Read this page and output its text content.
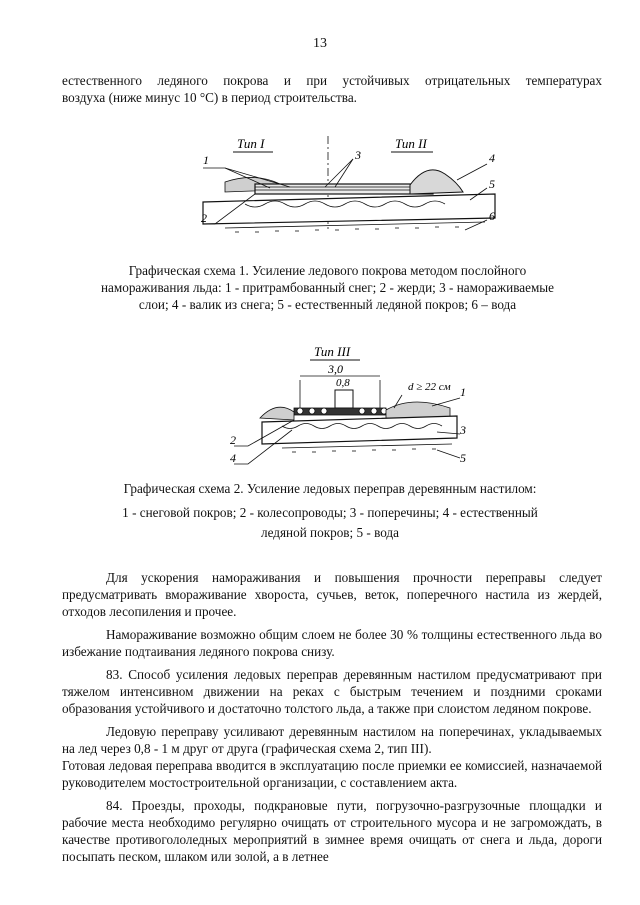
13
естественного ледяного покрова и при устойчивых отрицательных температурах
воздуха (ниже минус 10 °С) в период строительства.
Тип I	Тип II
1
2
3	4
5
6
Графическая схема 1. Усиление ледового покрова методом послойного
намораживания льда: 1 - притрамбованный снег; 2 - жерди; 3 - намораживаемые
слои; 4 - валик из снега; 5 - естественный ледяной покров; 6 – вода
Тип III
3,0
0,8	d ≥ 22 см 1
2
3
4	5
Графическая схема 2. Усиление ледовых переправ деревянным настилом:
1 - снеговой покров; 2 - колесопроводы; 3 - поперечины; 4 - естественный
ледяной покров; 5 - вода

Для ускорения намораживания и повышения прочности переправы следует предусматривать вмораживание хвороста, сучьев, веток, поперечного настила из жердей, отходов лесопиления и прочее.

Намораживание возможно общим слоем не более 30 % толщины естественного льда во избежание подтаивания ледяного покрова снизу.

83. Способ усиления ледовых переправ деревянным настилом предусматривают при тяжелом интенсивном движении на реках с быстрым течением и поздними сроками образования устойчивого и достаточно толстого льда, а также при слоистом ледяном покрове.

Ледовую переправу усиливают деревянным настилом на поперечинах, укладываемых на лед через 0,8 - 1 м друг от друга (графическая схема 2, тип III).

Готовая ледовая переправа вводится в эксплуатацию после приемки ее комиссией, назначаемой руководителем мостостроительной организации, с составлением акта.

84. Проезды, проходы, подкрановые пути, погрузочно-разгрузочные площадки и рабочие места необходимо регулярно очищать от строительного мусора и не загромождать, в качестве противогололедных мероприятий в зимнее время очищать от снега и льда, дороги посыпать песком, шлаком или золой, а в летнее
